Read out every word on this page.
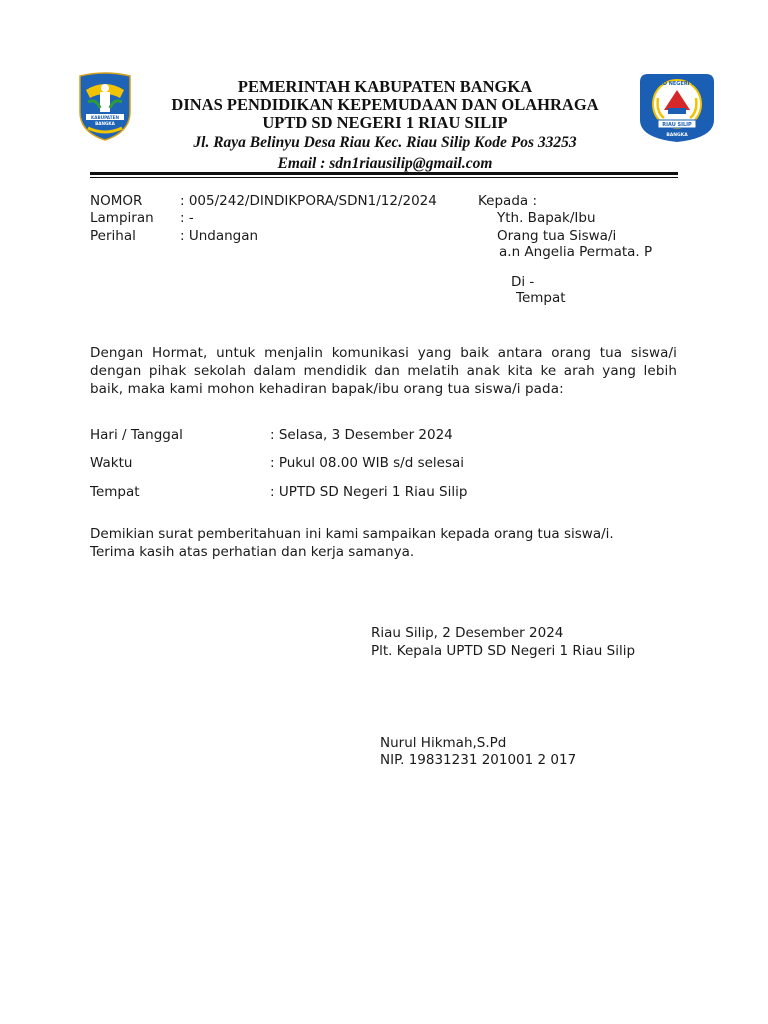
KABUPATEN
BANGKA
SD NEGERI 1
RIAU SILIP
BANGKA
PEMERINTAH KABUPATEN BANGKA
DINAS PENDIDIKAN KEPEMUDAAN DAN OLAHRAGA
UPTD SD NEGERI 1 RIAU SILIP
Jl. Raya Belinyu Desa Riau Kec. Riau Silip Kode Pos 33253
Email : sdn1riausilip@gmail.com
NOMOR	: 005/242/DINDIKPORA/SDN1/12/2024
Lampiran : -
Perihal	: Undangan
Kepada :
Yth. Bapak/Ibu
Orang tua Siswa/i
a.n Angelia Permata. P
Di -
Tempat
Dengan Hormat, untuk menjalin komunikasi yang baik antara orang tua siswa/i dengan pihak sekolah dalam mendidik dan melatih anak kita ke arah yang lebih baik, maka kami mohon kehadiran bapak/ibu orang tua siswa/i pada:
Hari / Tanggal	: Selasa, 3 Desember 2024
Waktu	: Pukul 08.00 WIB s/d selesai
Tempat	: UPTD SD Negeri 1 Riau Silip
Demikian surat pemberitahuan ini kami sampaikan kepada orang tua siswa/i.
Terima kasih atas perhatian dan kerja samanya.
Riau Silip, 2 Desember 2024
Plt. Kepala UPTD SD Negeri 1 Riau Silip
Nurul Hikmah,S.Pd
NIP. 19831231 201001 2 017
